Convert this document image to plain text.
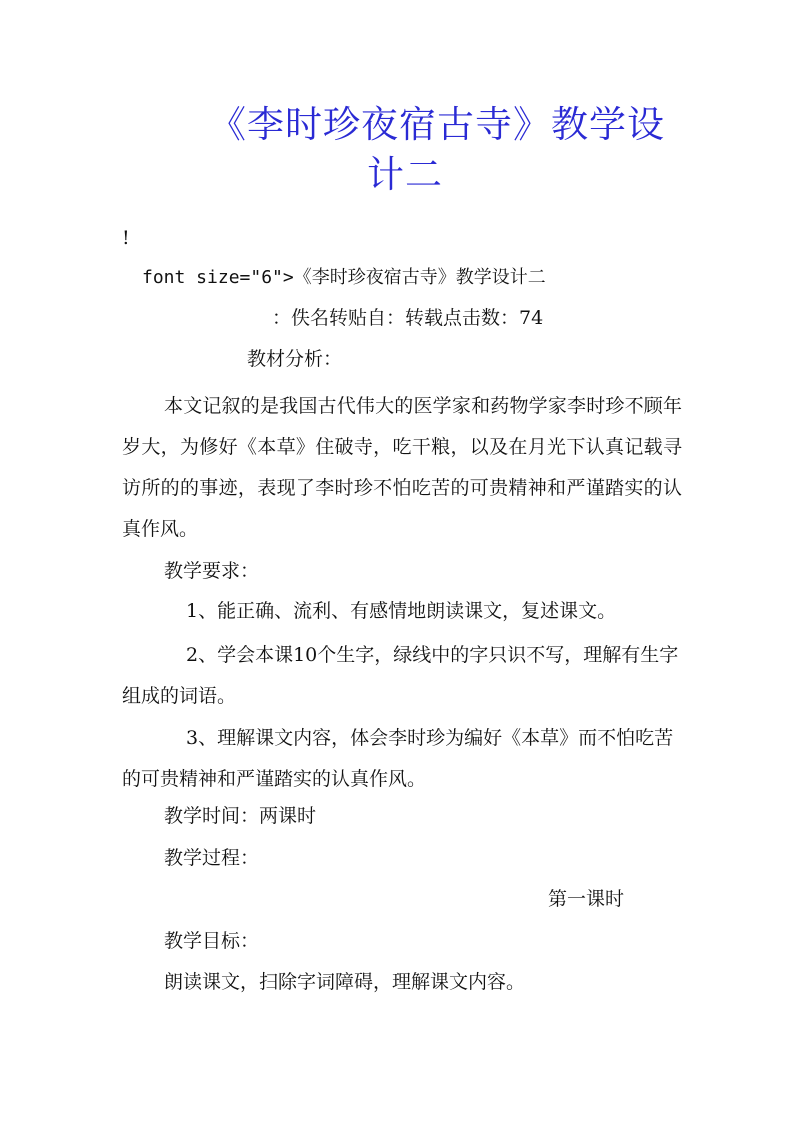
《李时珍夜宿古寺》教学设
计二
!
font size="6">《李时珍夜宿古寺》教学设计二
：佚名转贴自：转载点击数：74
教材分析：
本文记叙的是我国古代伟大的医学家和药物学家李时珍不顾年岁大，为修好《本草》住破寺，吃干粮，以及在月光下认真记载寻访所的的事迹，表现了李时珍不怕吃苦的可贵精神和严谨踏实的认真作风。
教学要求：
1、能正确、流利、有感情地朗读课文，复述课文。
2、学会本课10个生字，绿线中的字只识不写，理解有生字组成的词语。
3、理解课文内容，体会李时珍为编好《本草》而不怕吃苦的可贵精神和严谨踏实的认真作风。
教学时间：两课时
教学过程：
第一课时
教学目标：
朗读课文，扫除字词障碍，理解课文内容。
